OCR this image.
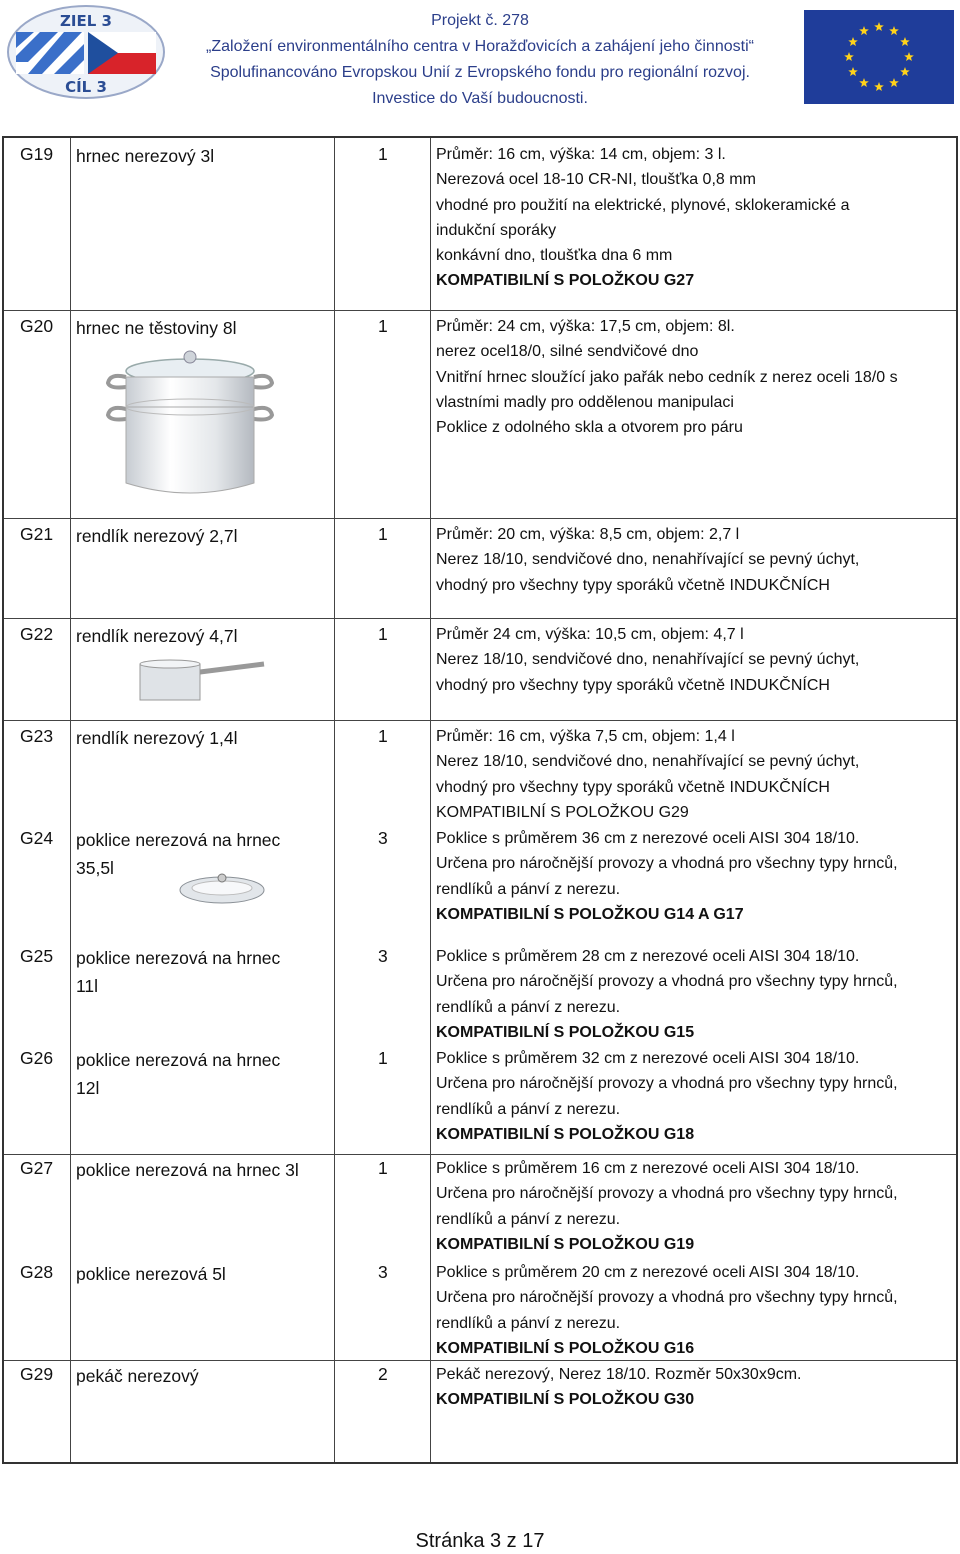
ZIEL 3
CÍL 3
Projekt č. 278
„Založení environmentálního centra v Horažďovicích a zahájení jeho činnosti“
Spolufinancováno Evropskou Unií z Evropského fondu pro regionální rozvoj.
Investice do Vaší budoucnosti.
G19 hrnec nerezový 3l	1	Průměr: 16 cm, výška: 14 cm, objem: 3 l.
Nerezová ocel 18-10 CR-NI, tloušťka 0,8 mm
vhodné pro použití na elektrické, plynové, sklokeramické a
indukční sporáky
konkávní dno, tloušťka dna 6 mm
KOMPATIBILNÍ S POLOŽKOU G27
G20 hrnec ne těstoviny 8l	1	Průměr: 24 cm, výška: 17,5 cm, objem: 8l.
nerez ocel18/0, silné sendvičové dno
Vnitřní hrnec sloužící jako pařák nebo cedník z nerez oceli 18/0 s
vlastními madly pro oddělenou manipulaci
Poklice z odolného skla a otvorem pro páru
G21 rendlík nerezový 2,7l	1	Průměr: 20 cm, výška: 8,5 cm, objem: 2,7 l
Nerez 18/10, sendvičové dno, nenahřívající se pevný úchyt,
vhodný pro všechny typy sporáků včetně INDUKČNÍCH
G22 rendlík nerezový 4,7l	1	Průměr 24 cm, výška: 10,5 cm, objem: 4,7 l
Nerez 18/10, sendvičové dno, nenahřívající se pevný úchyt,
vhodný pro všechny typy sporáků včetně INDUKČNÍCH
G23 rendlík nerezový 1,4l	1	Průměr: 16 cm, výška 7,5 cm, objem: 1,4 l
Nerez 18/10, sendvičové dno, nenahřívající se pevný úchyt,
vhodný pro všechny typy sporáků včetně INDUKČNÍCH
KOMPATIBILNÍ S POLOŽKOU G29
G24 poklice nerezová na hrnec
35,5l
3	Poklice s průměrem 36 cm z nerezové oceli AISI 304 18/10.
Určena pro náročnější provozy a vhodná pro všechny typy hrnců,
rendlíků a pánví z nerezu.
KOMPATIBILNÍ S POLOŽKOU G14 A G17
G25 poklice nerezová na hrnec
11l
3	Poklice s průměrem 28 cm z nerezové oceli AISI 304 18/10.
Určena pro náročnější provozy a vhodná pro všechny typy hrnců,
rendlíků a pánví z nerezu.
KOMPATIBILNÍ S POLOŽKOU G15
G26 poklice nerezová na hrnec
12l
1	Poklice s průměrem 32 cm z nerezové oceli AISI 304 18/10.
Určena pro náročnější provozy a vhodná pro všechny typy hrnců,
rendlíků a pánví z nerezu.
KOMPATIBILNÍ S POLOŽKOU G18
G27 poklice nerezová na hrnec 3l	1	Poklice s průměrem 16 cm z nerezové oceli AISI 304 18/10.
Určena pro náročnější provozy a vhodná pro všechny typy hrnců,
rendlíků a pánví z nerezu.
KOMPATIBILNÍ S POLOŽKOU G19
G28 poklice nerezová 5l	3	Poklice s průměrem 20 cm z nerezové oceli AISI 304 18/10.
Určena pro náročnější provozy a vhodná pro všechny typy hrnců,
rendlíků a pánví z nerezu.
KOMPATIBILNÍ S POLOŽKOU G16
G29 pekáč nerezový	2	Pekáč nerezový, Nerez 18/10. Rozměr 50x30x9cm.
KOMPATIBILNÍ S POLOŽKOU G30
Stránka 3 z 17
